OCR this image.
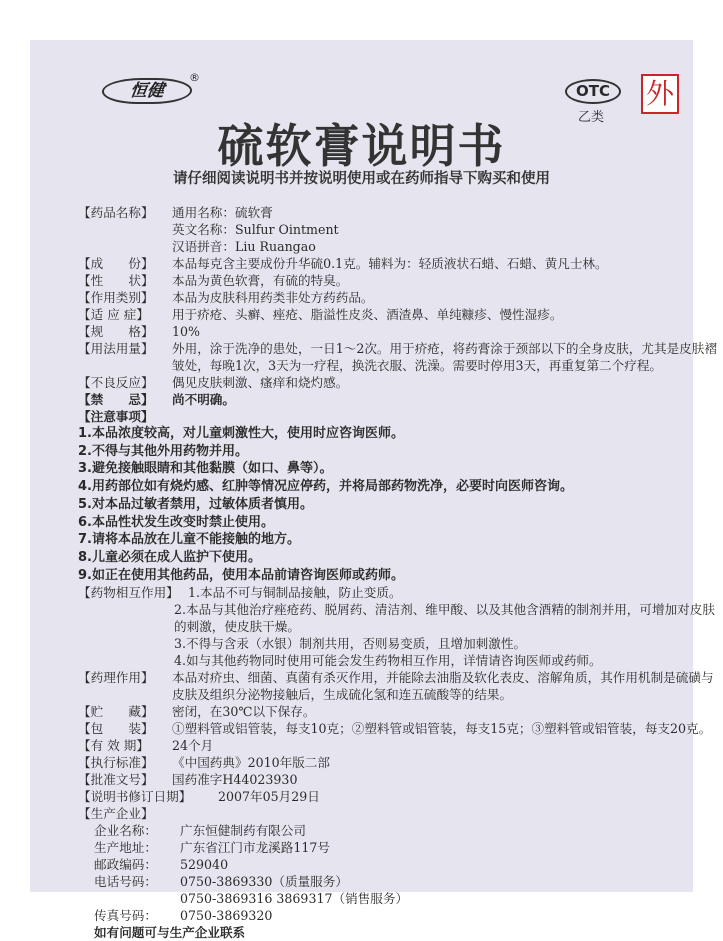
恒健
®
OTC
乙类
外
硫软膏说明书
请仔细阅读说明书并按说明使用或在药师指导下购买和使用
【药品名称】	通用名称：硫软膏
英文名称：Sulfur Ointment
汉语拼音：Liu Ruangao
【成　　份】	本品每克含主要成份升华硫0.1克。辅料为：轻质液状石蜡、石蜡、黄凡士林。
【性　　状】	本品为黄色软膏，有硫的特臭。
【作用类别】	本品为皮肤科用药类非处方药药品。
【适 应 症】	用于疥疮、头癣、痤疮、脂溢性皮炎、酒渣鼻、单纯糠疹、慢性湿疹。
【规　　格】	10%
【用法用量】	外用，涂于洗净的患处，一日1～2次。用于疥疮，将药膏涂于颈部以下的全身皮肤，尤其是皮肤褶皱处，每晚1次，3天为一疗程，换洗衣服、洗澡。需要时停用3天，再重复第二个疗程。
【不良反应】	偶见皮肤刺激、瘙痒和烧灼感。
【禁　　忌】	尚不明确。
【注意事项】
1.本品浓度较高，对儿童刺激性大，使用时应咨询医师。
2.不得与其他外用药物并用。
3.避免接触眼睛和其他黏膜（如口、鼻等）。
4.用药部位如有烧灼感、红肿等情况应停药，并将局部药物洗净，必要时向医师咨询。
5.对本品过敏者禁用，过敏体质者慎用。
6.本品性状发生改变时禁止使用。
7.请将本品放在儿童不能接触的地方。
8.儿童必须在成人监护下使用。
9.如正在使用其他药品，使用本品前请咨询医师或药师。
【药物相互作用】 1.本品不可与铜制品接触，防止变质。
2.本品与其他治疗痤疮药、脱屑药、清洁剂、维甲酸、以及其他含酒精的制剂并用，可增加对皮肤的刺激，使皮肤干燥。
3.不得与含汞（水银）制剂共用，否则易变质，且增加刺激性。
4.如与其他药物同时使用可能会发生药物相互作用，详情请咨询医师或药师。
【药理作用】	本品对疥虫、细菌、真菌有杀灭作用，并能除去油脂及软化表皮、溶解角质，其作用机制是硫磺与皮肤及组织分泌物接触后，生成硫化氢和连五硫酸等的结果。
【贮　　藏】	密闭，在30℃以下保存。
【包　　装】	①塑料管或铝管装，每支10克；②塑料管或铝管装，每支15克；③塑料管或铝管装，每支20克。
【有 效 期】	24个月
【执行标准】	《中国药典》2010年版二部
【批准文号】	国药准字H44023930
【说明书修订日期】	2007年05月29日
【生产企业】
企业名称：	广东恒健制药有限公司
生产地址：	广东省江门市龙溪路117号
邮政编码：	529040
电话号码：	0750-3869330（质量服务）
0750-3869316 3869317（销售服务）
传真号码：	0750-3869320
如有问题可与生产企业联系
